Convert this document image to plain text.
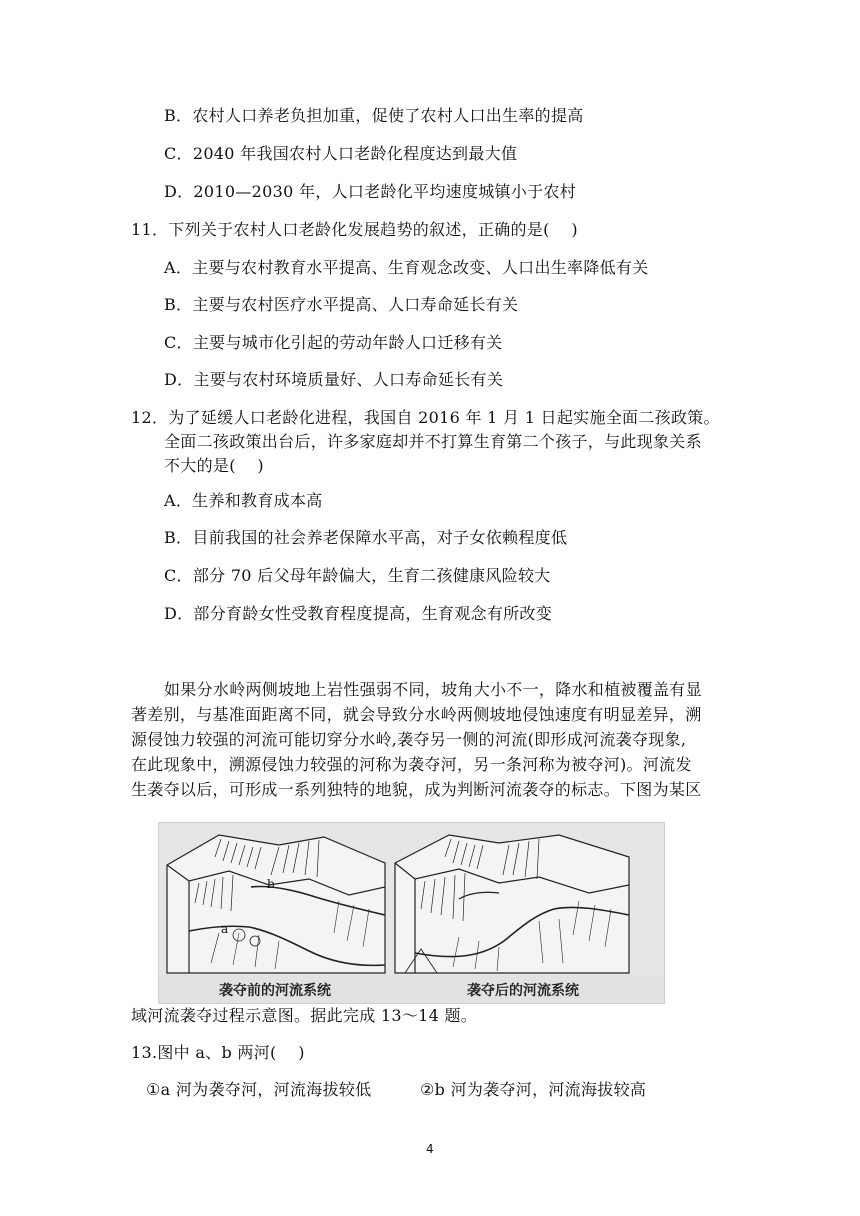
B．农村人口养老负担加重，促使了农村人口出生率的提高
C．2040 年我国农村人口老龄化程度达到最大值
D．2010—2030 年，人口老龄化平均速度城镇小于农村
11．下列关于农村人口老龄化发展趋势的叙述，正确的是(　 )
A．主要与农村教育水平提高、生育观念改变、人口出生率降低有关
B．主要与农村医疗水平提高、人口寿命延长有关
C．主要与城市化引起的劳动年龄人口迁移有关
D．主要与农村环境质量好、人口寿命延长有关
12．为了延缓人口老龄化进程，我国自 2016 年 1 月 1 日起实施全面二孩政策。
全面二孩政策出台后，许多家庭却并不打算生育第二个孩子，与此现象关系
不大的是(　 )
A．生养和教育成本高
B．目前我国的社会养老保障水平高，对子女依赖程度低
C．部分 70 后父母年龄偏大，生育二孩健康风险较大
D．部分育龄女性受教育程度提高，生育观念有所改变
如果分水岭两侧坡地上岩性强弱不同，坡角大小不一，降水和植被覆盖有显
著差别，与基准面距离不同，就会导致分水岭两侧坡地侵蚀速度有明显差异，溯
源侵蚀力较强的河流可能切穿分水岭,袭夺另一侧的河流(即形成河流袭夺现象,
在此现象中，溯源侵蚀力较强的河称为袭夺河，另一条河称为被夺河)。河流发
生袭夺以后，可形成一系列独特的地貌，成为判断河流袭夺的标志。下图为某区
b
a
袭夺前的河流系统	袭夺后的河流系统
域河流袭夺过程示意图。据此完成 13～14 题。
13.图中 a、b 两河(　 )
①a 河为袭夺河，河流海拔较低	②b 河为袭夺河，河流海拔较高
4
